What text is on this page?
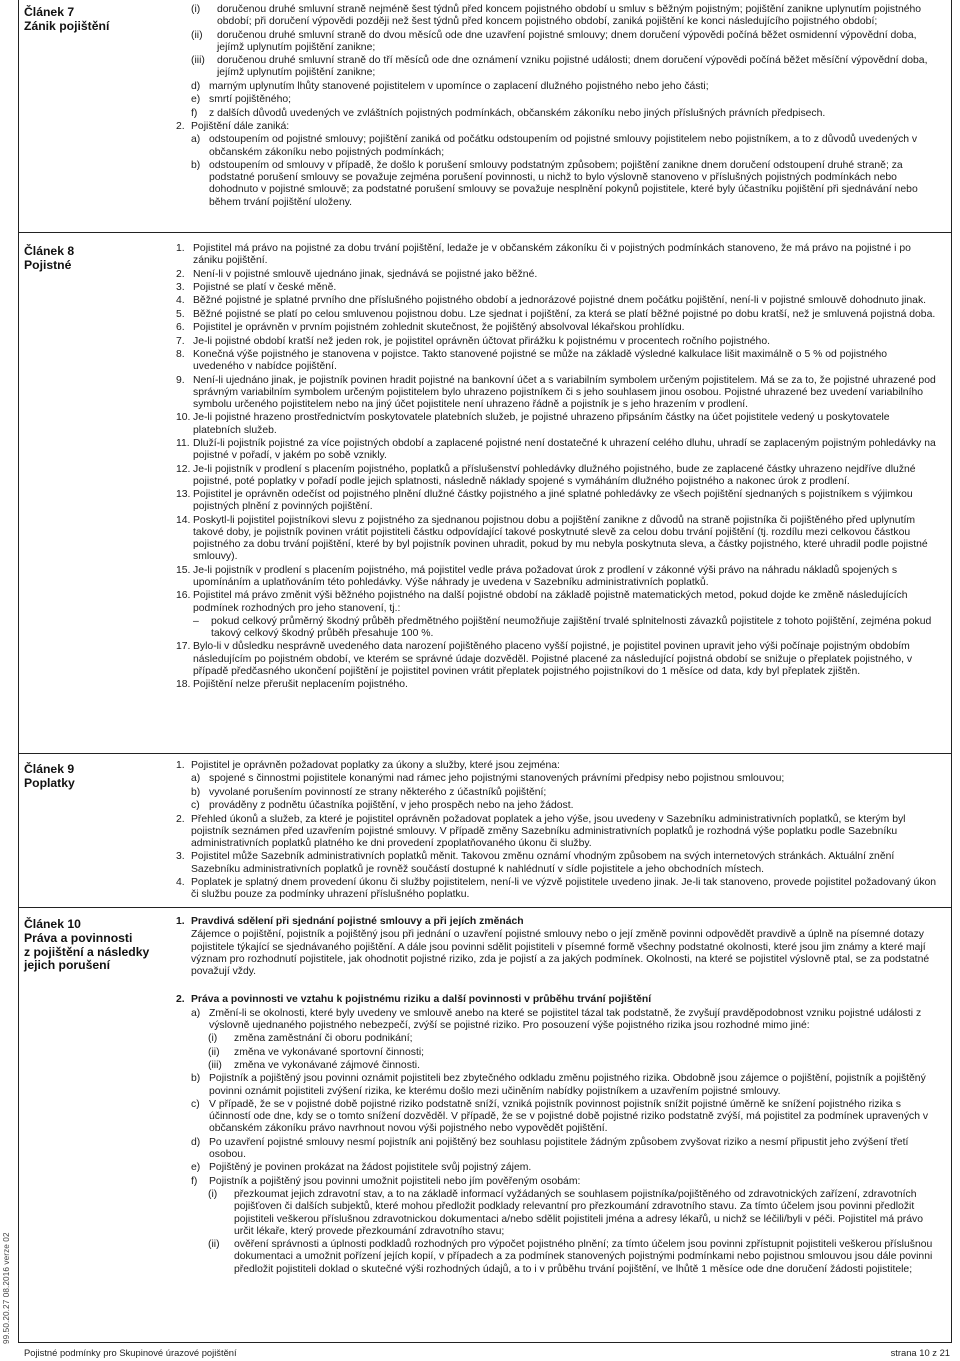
Článek 7
Zánik pojištění
Článek 8
Pojistné
Článek 9
Poplatky
Článek 10
Práva a povinnosti
z pojištění a následky
jejich porušení
(i)	doručenou druhé smluvní straně nejméně šest týdnů před koncem pojistného období u smluv s běžným pojistným; pojištění zanikne uplynutím pojistného období; při doručení výpovědi později než šest týdnů před koncem pojistného období, zaniká pojištění ke konci následujícího pojistného období;
(ii)	doručenou druhé smluvní straně do dvou měsíců ode dne uzavření pojistné smlouvy; dnem doručení výpovědi počíná běžet osmidenní výpovědní doba, jejímž uplynutím pojištění zanikne;
(iii)	doručenou druhé smluvní straně do tří měsíců ode dne oznámení vzniku pojistné události; dnem doručení výpovědi počíná běžet měsíční výpovědní doba, jejímž uplynutím pojištění zanikne;
d) marným uplynutím lhůty stanovené pojistitelem v upomínce o zaplacení dlužného pojistného nebo jeho části;
e) smrtí pojištěného;
f)	z dalších důvodů uvedených ve zvláštních pojistných podmínkách, občanském zákoníku nebo jiných příslušných právních předpisech.
2. Pojištění dále zaniká:
a) odstoupením od pojistné smlouvy; pojištění zaniká od počátku odstoupením od pojistné smlouvy pojistitelem nebo pojistníkem, a to z důvodů uvedených v občanském zákoníku nebo pojistných podmínkách;
b) odstoupením od smlouvy v případě, že došlo k porušení smlouvy podstatným způsobem; pojištění zanikne dnem doručení odstoupení druhé straně; za podstatné porušení smlouvy se považuje zejména porušení povinnosti, u nichž to bylo výslovně stanoveno v příslušných pojistných podmínkách nebo dohodnuto v pojistné smlouvě; za podstatné porušení smlouvy se považuje nesplnění pokynů pojistitele, které byly účastníku pojištění při sjednávání nebo během trvání pojištění uloženy.
1. Pojistitel má právo na pojistné za dobu trvání pojištění, ledaže je v občanském zákoníku či v pojistných podmínkách stanoveno, že má právo na pojistné i po zániku pojištění.
2. Není-li v pojistné smlouvě ujednáno jinak, sjednává se pojistné jako běžné.
3. Pojistné se platí v české měně.
4. Běžné pojistné je splatné prvního dne příslušného pojistného období a jednorázové pojistné dnem počátku pojištění, není-li v pojistné smlouvě dohodnuto jinak.
5. Běžné pojistné se platí po celou smluvenou pojistnou dobu. Lze sjednat i pojištění, za která se platí běžné pojistné po dobu kratší, než je smluvená pojistná doba.
6. Pojistitel je oprávněn v prvním pojistném zohlednit skutečnost, že pojištěný absolvoval lékařskou prohlídku.
7. Je-li pojistné období kratší než jeden rok, je pojistitel oprávněn účtovat přirážku k pojistnému v procentech ročního pojistného.
8. Konečná výše pojistného je stanovena v pojistce. Takto stanovené pojistné se může na základě výsledné kalkulace lišit maximálně o 5 % od pojistného uvedeného v nabídce pojištění.
9. Není-li ujednáno jinak, je pojistník povinen hradit pojistné na bankovní účet a s variabilním symbolem určeným pojistitelem. Má se za to, že pojistné uhrazené pod správným variabilním symbolem určeným pojistitelem bylo uhrazeno pojistníkem či s jeho souhlasem jinou osobou. Pojistné uhrazené bez uvedení variabilního symbolu určeného pojistitelem nebo na jiný účet pojistitele není uhrazeno řádně a pojistník je s jeho hrazením v prodlení.
10. Je-li pojistné hrazeno prostřednictvím poskytovatele platebních služeb, je pojistné uhrazeno připsáním částky na účet pojistitele vedený u poskytovatele platebních služeb.
11. Dluží-li pojistník pojistné za více pojistných období a zaplacené pojistné není dostatečné k uhrazení celého dluhu, uhradí se zaplaceným pojistným pohledávky na pojistné v pořadí, v jakém po sobě vznikly.
12. Je-li pojistník v prodlení s placením pojistného, poplatků a příslušenství pohledávky dlužného pojistného, bude ze zaplacené částky uhrazeno nejdříve dlužné pojistné, poté poplatky v pořadí podle jejich splatnosti, následně náklady spojené s vymáháním dlužného pojistného a nakonec úrok z prodlení.
13. Pojistitel je oprávněn odečíst od pojistného plnění dlužné částky pojistného a jiné splatné pohledávky ze všech pojištění sjednaných s pojistníkem s výjimkou pojistných plnění z povinných pojištění.
14. Poskytl-li pojistitel pojistníkovi slevu z pojistného za sjednanou pojistnou dobu a pojištění zanikne z důvodů na straně pojistníka či pojištěného před uplynutím takové doby, je pojistník povinen vrátit pojistiteli částku odpovídající takové poskytnuté slevě za celou dobu trvání pojištění (tj. rozdílu mezi celkovou částkou pojistného za dobu trvání pojištění, které by byl pojistník povinen uhradit, pokud by mu nebyla poskytnuta sleva, a částky pojistného, které uhradil podle pojistné smlouvy).
15. Je-li pojistník v prodlení s placením pojistného, má pojistitel vedle práva požadovat úrok z prodlení v zákonné výši právo na náhradu nákladů spojených s upomínáním a uplatňováním této pohledávky. Výše náhrady je uvedena v Sazebníku administrativních poplatků.
16. Pojistitel má právo změnit výši běžného pojistného na další pojistné období na základě pojistně matematických metod, pokud dojde ke změně následujících podmínek rozhodných pro jeho stanovení, tj.:
–	pokud celkový průměrný škodný průběh předmětného pojištění neumožňuje zajištění trvalé splnitelnosti závazků pojistitele z tohoto pojištění, zejména pokud takový celkový škodný průběh přesahuje 100 %.
17. Bylo-li v důsledku nesprávně uvedeného data narození pojištěného placeno vyšší pojistné, je pojistitel povinen upravit jeho výši počínaje pojistným obdobím následujícím po pojistném období, ve kterém se správné údaje dozvěděl. Pojistné placené za následující pojistná období se snižuje o přeplatek pojistného, v případě předčasného ukončení pojištění je pojistitel povinen vrátit přeplatek pojistného pojistníkovi do 1 měsíce od data, kdy byl přeplatek zjištěn.
18. Pojištění nelze přerušit neplacením pojistného.
1. Pojistitel je oprávněn požadovat poplatky za úkony a služby, které jsou zejména:
a) spojené s činnostmi pojistitele konanými nad rámec jeho pojistnými stanovených právními předpisy nebo pojistnou smlouvou;
b) vyvolané porušením povinností ze strany některého z účastníků pojištění;
c) prováděny z podnětu účastníka pojištění, v jeho prospěch nebo na jeho žádost.
2. Přehled úkonů a služeb, za které je pojistitel oprávněn požadovat poplatek a jeho výše, jsou uvedeny v Sazebníku administrativních poplatků, se kterým byl pojistník seznámen před uzavřením pojistné smlouvy. V případě změny Sazebníku administrativních poplatků je rozhodná výše poplatku podle Sazebníku administrativních poplatků platného ke dni provedení zpoplatňovaného úkonu či služby.
3. Pojistitel může Sazebník administrativních poplatků měnit. Takovou změnu oznámí vhodným způsobem na svých internetových stránkách. Aktuální znění Sazebníku administrativních poplatků je rovněž součástí dostupné k nahlédnutí v sídle pojistitele a jeho obchodních místech.
4. Poplatek je splatný dnem provedení úkonu či služby pojistitelem, není-li ve výzvě pojistitele uvedeno jinak. Je-li tak stanoveno, provede pojistitel požadovaný úkon či službu pouze za podmínky uhrazení příslušného poplatku.
1. Pravdivá sdělení při sjednání pojistné smlouvy a při jejích změnách
Zájemce o pojištění, pojistník a pojištěný jsou při jednání o uzavření pojistné smlouvy nebo o její změně povinni odpovědět pravdivě a úplně na písemné dotazy pojistitele týkající se sjednávaného pojištění. A dále jsou povinni sdělit pojistiteli v písemné formě všechny podstatné okolnosti, které jsou jim známy a které mají význam pro rozhodnutí pojistitele, jak ohodnotit pojistné riziko, zda je pojistí a za jakých podmínek. Okolnosti, na které se pojistitel výslovně ptal, se za podstatné považují vždy.
2. Práva a povinnosti ve vztahu k pojistnému riziku a další povinnosti v průběhu trvání pojištění
a) Změní-li se okolnosti, které byly uvedeny ve smlouvě anebo na které se pojistitel tázal tak podstatně, že zvyšují pravděpodobnost vzniku pojistné události z výslovně ujednaného pojistného nebezpečí, zvýší se pojistné riziko. Pro posouzení výše pojistného rizika jsou rozhodné mimo jiné:
(i)	změna zaměstnání či oboru podnikání;
(ii)	změna ve vykonávané sportovní činnosti;
(iii)	změna ve vykonávané zájmové činnosti.
b) Pojistník a pojištěný jsou povinni oznámit pojistiteli bez zbytečného odkladu změnu pojistného rizika. Obdobně jsou zájemce o pojištění, pojistník a pojištěný povinni oznámit pojistiteli zvýšení rizika, ke kterému došlo mezi učiněním nabídky pojistníkem a uzavřením pojistné smlouvy.
c) V případě, že se v pojistné době pojistné riziko podstatně sníží, vzniká pojistník povinnost pojistník snížit pojistné úměrně ke snížení pojistného rizika s účinností ode dne, kdy se o tomto snížení dozvěděl. V případě, že se v pojistné době pojistné riziko podstatně zvýší, má pojistitel za podmínek upravených v občanském zákoníku právo navrhnout novou výši pojistného nebo vypovědět pojištění.
d) Po uzavření pojistné smlouvy nesmí pojistník ani pojištěný bez souhlasu pojistitele žádným způsobem zvyšovat riziko a nesmí připustit jeho zvýšení třetí osobou.
e) Pojištěný je povinen prokázat na žádost pojistitele svůj pojistný zájem.
f)	Pojistník a pojištěný jsou povinni umožnit pojistiteli nebo jím pověřeným osobám:
(i)	přezkoumat jejich zdravotní stav, a to na základě informací vyžádaných se souhlasem pojistníka/pojištěného od zdravotnických zařízení, zdravotních pojišťoven či dalších subjektů, které mohou předložit podklady relevantní pro přezkoumání zdravotního stavu. Za tímto účelem jsou povinni předložit pojistiteli veškerou příslušnou zdravotnickou dokumentaci a/nebo sdělit pojistiteli jména a adresy lékařů, u nichž se léčili/byli v péči. Pojistitel má právo určit lékaře, který provede přezkoumání zdravotního stavu;
(ii)	ověření správnosti a úplnosti podkladů rozhodných pro výpočet pojistného plnění; za tímto účelem jsou povinni zpřístupnit pojistiteli veškerou příslušnou dokumentaci a umožnit pořízení jejích kopií, v případech a za podmínek stanovených pojistnými podmínkami nebo pojistnou smlouvou jsou dále povinni předložit pojistiteli doklad o skutečné výši rozhodných údajů, a to i v průběhu trvání pojištění, ve lhůtě 1 měsíce ode dne doručení žádosti pojistitele;
99.50.20.27 08.2016 verze 02
Pojistné podmínky pro Skupinové úrazové pojištění	strana 10 z 21
